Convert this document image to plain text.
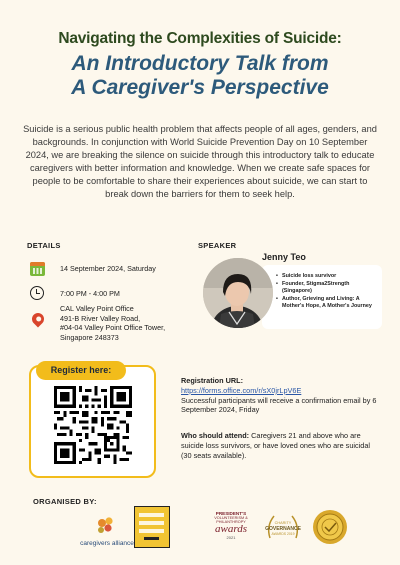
Navigating the Complexities of Suicide:
An Introductory Talk from
A Caregiver's Perspective

Suicide is a serious public health problem that affects people of all ages, genders, and backgrounds. In conjunction with World Suicide Prevention Day on 10 September 2024, we are breaking the silence on suicide through this introductory talk to educate caregivers with better information and knowledge. When we create safe spaces for people to be comfortable to share their experiences about suicide, we can start to break down the barriers for them to seek help.

DETAILS
14 September 2024, Saturday
7:00 PM - 4:00 PM
CAL Valley Point Office
491-B River Valley Road,
#04-04 Valley Point Office Tower,
Singapore 248373
SPEAKER
• Suicide loss survivor
• Founder, Stigma2Strength (Singapore)
• Author, Grieving and Living: A Mother's Hope, A Mother's Journey
Jenny Teo
Register here:
Registration URL:
https://forms.office.com/r/sX0jrLpV6E
Successful participants will receive a confirmation email by 6 September 2024, Friday
Who should attend: Caregivers 21 and above who are suicide loss survivors, or have loved ones who are suicidal (30 seats available).
ORGANISED BY:
caregivers alliance
PRESIDENT'S
VOLUNTEERISM & PHILANTHROPY
awards
2021
CHARITY
GOVERNANCE
AWARDS 2019
